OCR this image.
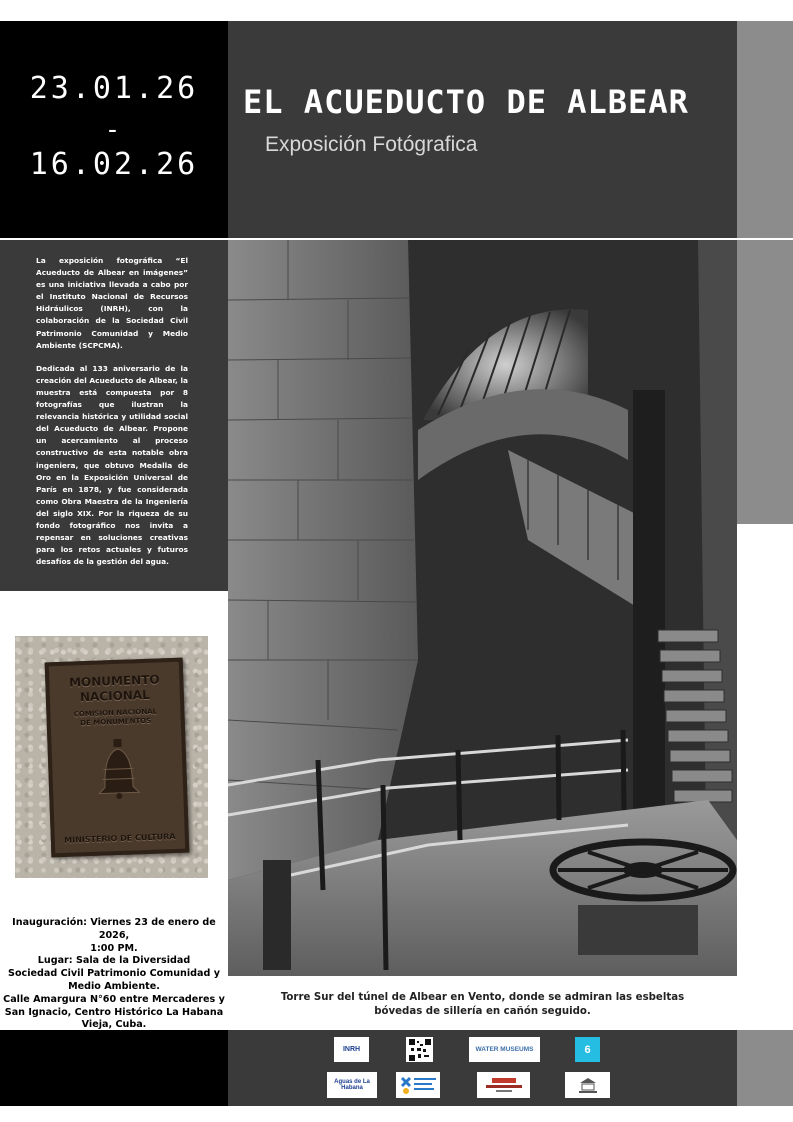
23.01.26
-
16.02.26
EL ACUEDUCTO DE ALBEAR
Exposición Fotógrafica

La exposición fotográfica “El Acueducto de Albear en imágenes” es una iniciativa llevada a cabo por el Instituto Nacional de Recursos Hidráulicos (INRH), con la colaboración de la Sociedad Civil Patrimonio Comunidad y Medio Ambiente (SCPCMA).

Dedicada al 133 aniversario de la creación del Acueducto de Albear, la muestra está compuesta por 8 fotografías que ilustran la relevancia histórica y utilidad social del Acueducto de Albear. Propone un acercamiento al proceso constructivo de esta notable obra ingeniera, que obtuvo Medalla de Oro en la Exposición Universal de París en 1878, y fue considerada como Obra Maestra de la Ingeniería del siglo XIX. Por la riqueza de su fondo fotográfico nos invita a repensar en soluciones creativas para los retos actuales y futuros desafíos de la gestión del agua.

MONUMENTO
NACIONAL
COMISION NACIONAL
DE MONUMENTOS
MINISTERIO DE CULTURA
Inauguración: Viernes 23 de enero de 2026,
1:00 PM.
Lugar: Sala de la Diversidad
Sociedad Civil Patrimonio Comunidad y
Medio Ambiente.
Calle Amargura N°60 entre Mercaderes y
San Ignacio, Centro Histórico La Habana
Vieja, Cuba.
Torre Sur del túnel de Albear en Vento, donde se admiran las esbeltas
bóvedas de sillería en cañón seguido.
INRH	WATER MUSEUMS	6
Aguas de La Habana
